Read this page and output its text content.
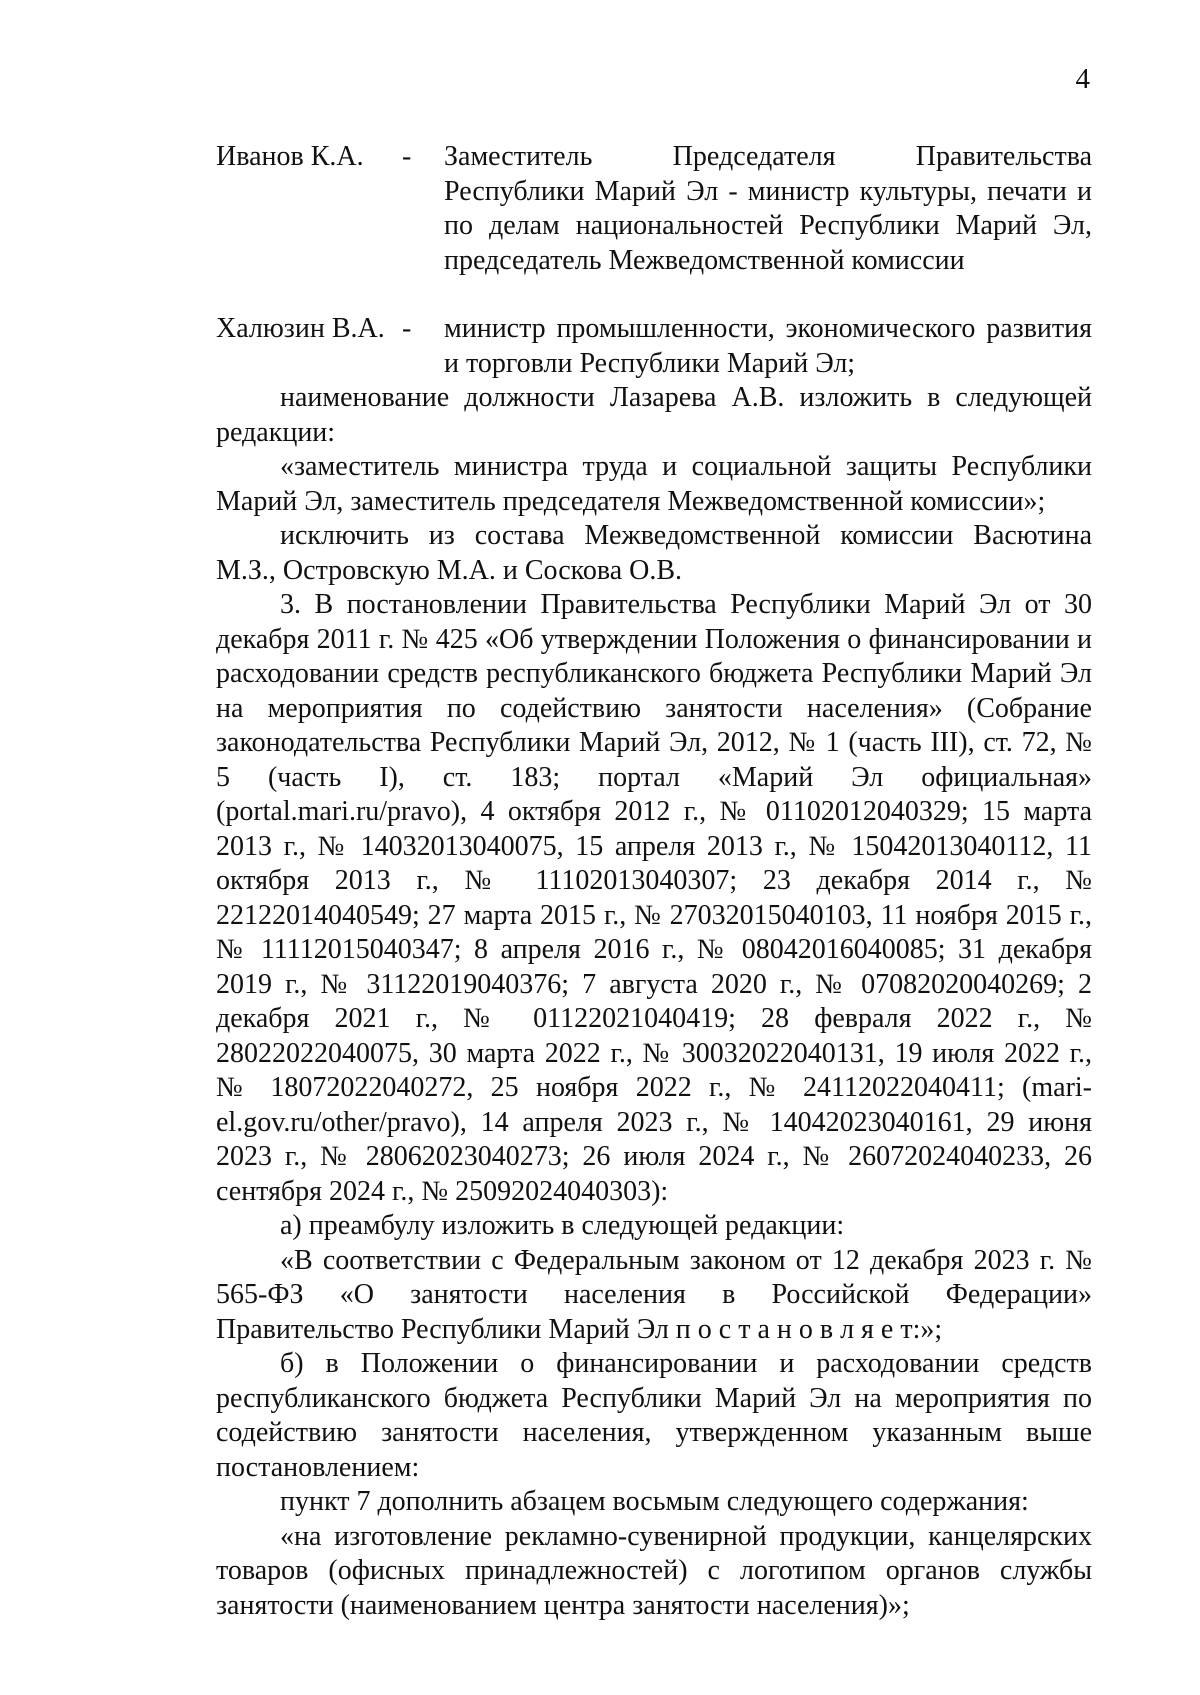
4
Иванов К.А.	-	Заместитель Председателя Правительства Республики Марий Эл - министр культуры, печати и по делам национальностей Республики Марий Эл, председатель Межведомственной комиссии
Халюзин В.А. -	министр промышленности, экономического развития и торговли Республики Марий Эл;

наименование должности Лазарева А.В. изложить в следующей редакции:

«заместитель министра труда и социальной защиты Республики Марий Эл, заместитель председателя Межведомственной комиссии»;

исключить из состава Межведомственной комиссии Васютина М.З., Островскую М.А. и Соскова О.В.

3. В постановлении Правительства Республики Марий Эл от 30 декабря 2011 г. № 425 «Об утверждении Положения о финансировании и расходовании средств республиканского бюджета Республики Марий Эл на мероприятия по содействию занятости населения» (Собрание законодательства Республики Марий Эл, 2012, № 1 (часть III), ст. 72, № 5 (часть I), ст. 183; портал «Марий Эл официальная» (portal.mari.ru/pravo), 4 октября 2012 г., № 01102012040329; 15 марта 2013 г., № 14032013040075, 15 апреля 2013 г., № 15042013040112, 11 октября 2013 г., № 11102013040307; 23 декабря 2014 г., № 22122014040549; 27 марта 2015 г., № 27032015040103, 11 ноября 2015 г., № 11112015040347; 8 апреля 2016 г., № 08042016040085; 31 декабря 2019 г., № 31122019040376; 7 августа 2020 г., № 07082020040269; 2 декабря 2021 г., № 01122021040419; 28 февраля 2022 г., № 28022022040075, 30 марта 2022 г., № 30032022040131, 19 июля 2022 г., № 18072022040272, 25 ноября 2022 г., № 24112022040411; (mari-el.gov.ru/other/pravo), 14 апреля 2023 г., № 14042023040161, 29 июня 2023 г., № 28062023040273; 26 июля 2024 г., № 26072024040233, 26 сентября 2024 г., № 25092024040303):

а) преамбулу изложить в следующей редакции:

«В соответствии с Федеральным законом от 12 декабря 2023 г. № 565-ФЗ «О занятости населения в Российской Федерации» Правительство Республики Марий Эл п о с т а н о в л я е т:»;

б) в Положении о финансировании и расходовании средств республиканского бюджета Республики Марий Эл на мероприятия по содействию занятости населения, утвержденном указанным выше постановлением:

пункт 7 дополнить абзацем восьмым следующего содержания:

«на изготовление рекламно-сувенирной продукции, канцелярских товаров (офисных принадлежностей) с логотипом органов службы занятости (наименованием центра занятости населения)»;
